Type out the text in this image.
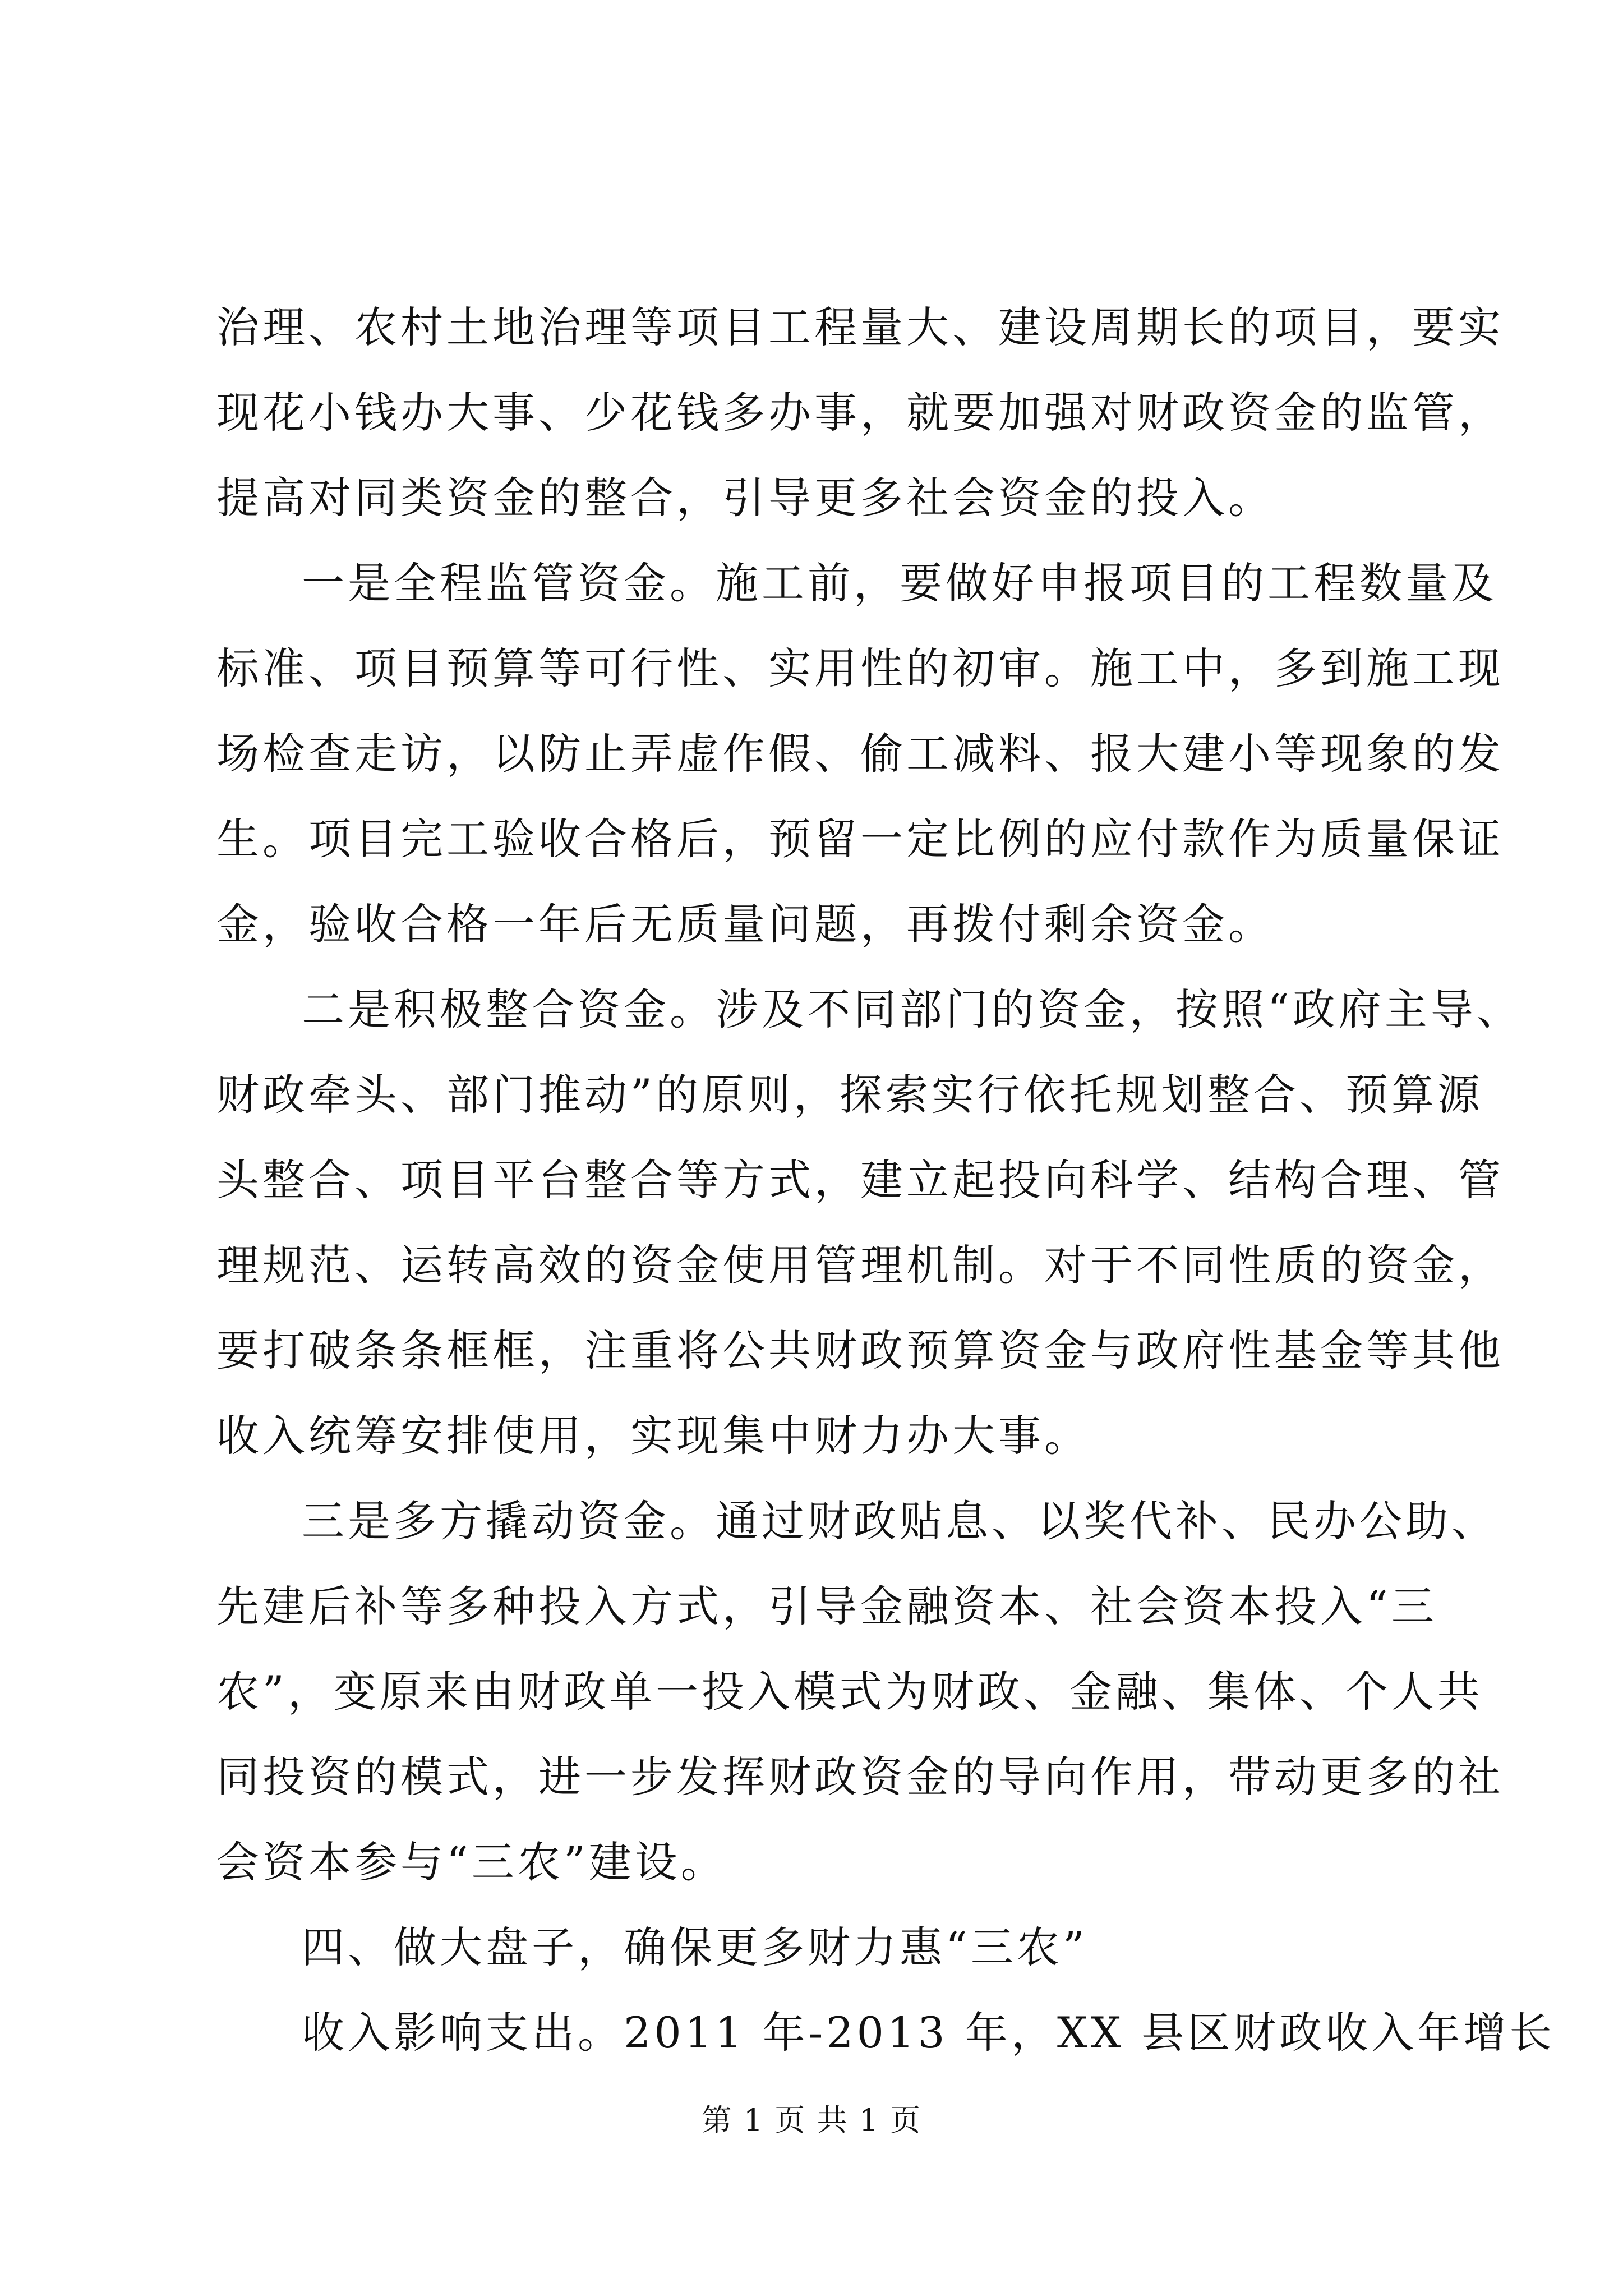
治理、农村土地治理等项目工程量大、建设周期长的项目，要实
现花小钱办大事、少花钱多办事，就要加强对财政资金的监管，
提高对同类资金的整合，引导更多社会资金的投入。

一是全程监管资金。施工前，要做好申报项目的工程数量及
标准、项目预算等可行性、实用性的初审。施工中，多到施工现
场检查走访，以防止弄虚作假、偷工减料、报大建小等现象的发
生。项目完工验收合格后，预留一定比例的应付款作为质量保证
金，验收合格一年后无质量问题，再拨付剩余资金。

二是积极整合资金。涉及不同部门的资金，按照“政府主导、
财政牵头、部门推动”的原则，探索实行依托规划整合、预算源
头整合、项目平台整合等方式，建立起投向科学、结构合理、管
理规范、运转高效的资金使用管理机制。对于不同性质的资金，
要打破条条框框，注重将公共财政预算资金与政府性基金等其他
收入统筹安排使用，实现集中财力办大事。

三是多方撬动资金。通过财政贴息、以奖代补、民办公助、
先建后补等多种投入方式，引导金融资本、社会资本投入“三
农”，变原来由财政单一投入模式为财政、金融、集体、个人共
同投资的模式，进一步发挥财政资金的导向作用，带动更多的社
会资本参与“三农”建设。

四、做大盘子，确保更多财力惠“三农”

收入影响支出。2011 年-2013 年，XX 县区财政收入年增长

第 1 页 共 1 页
